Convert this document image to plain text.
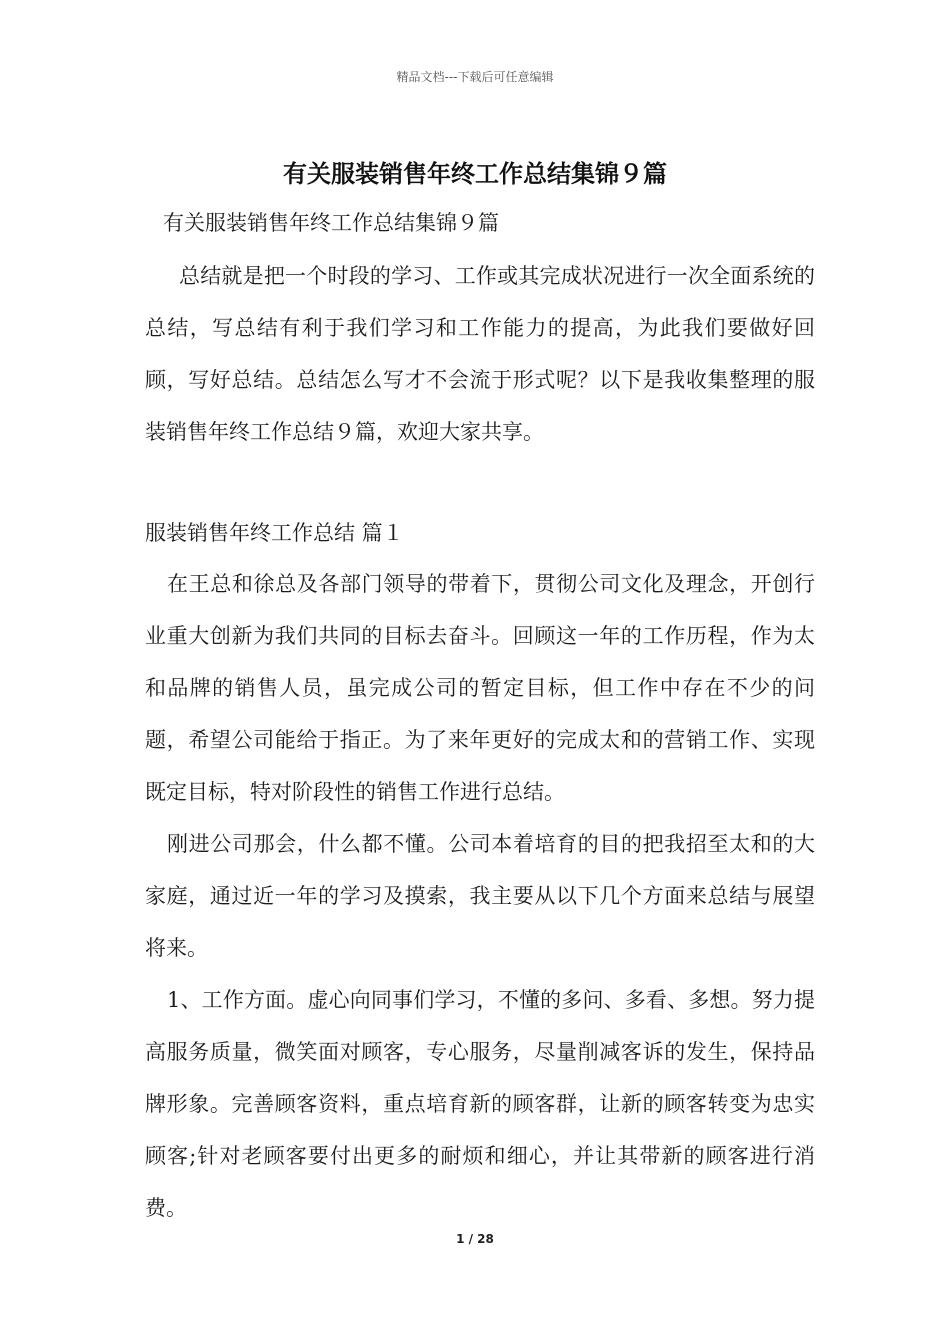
精品文档---下载后可任意编辑
有关服装销售年终工作总结集锦９篇

有关服装销售年终工作总结集锦９篇

总结就是把一个时段的学习、工作或其完成状况进行一次全面系统的总结，写总结有利于我们学习和工作能力的提高，为此我们要做好回顾，写好总结。总结怎么写才不会流于形式呢？以下是我收集整理的服装销售年终工作总结９篇，欢迎大家共享。

服装销售年终工作总结 篇１

在王总和徐总及各部门领导的带着下，贯彻公司文化及理念，开创行业重大创新为我们共同的目标去奋斗。回顾这一年的工作历程，作为太和品牌的销售人员，虽完成公司的暂定目标，但工作中存在不少的问题，希望公司能给于指正。为了来年更好的完成太和的营销工作、实现既定目标，特对阶段性的销售工作进行总结。

刚进公司那会，什么都不懂。公司本着培育的目的把我招至太和的大家庭，通过近一年的学习及摸索，我主要从以下几个方面来总结与展望将来。

1、工作方面。虚心向同事们学习，不懂的多问、多看、多想。努力提高服务质量，微笑面对顾客，专心服务，尽量削减客诉的发生，保持品牌形象。完善顾客资料，重点培育新的顾客群，让新的顾客转变为忠实顾客;针对老顾客要付出更多的耐烦和细心，并让其带新的顾客进行消费。

1 / 28
